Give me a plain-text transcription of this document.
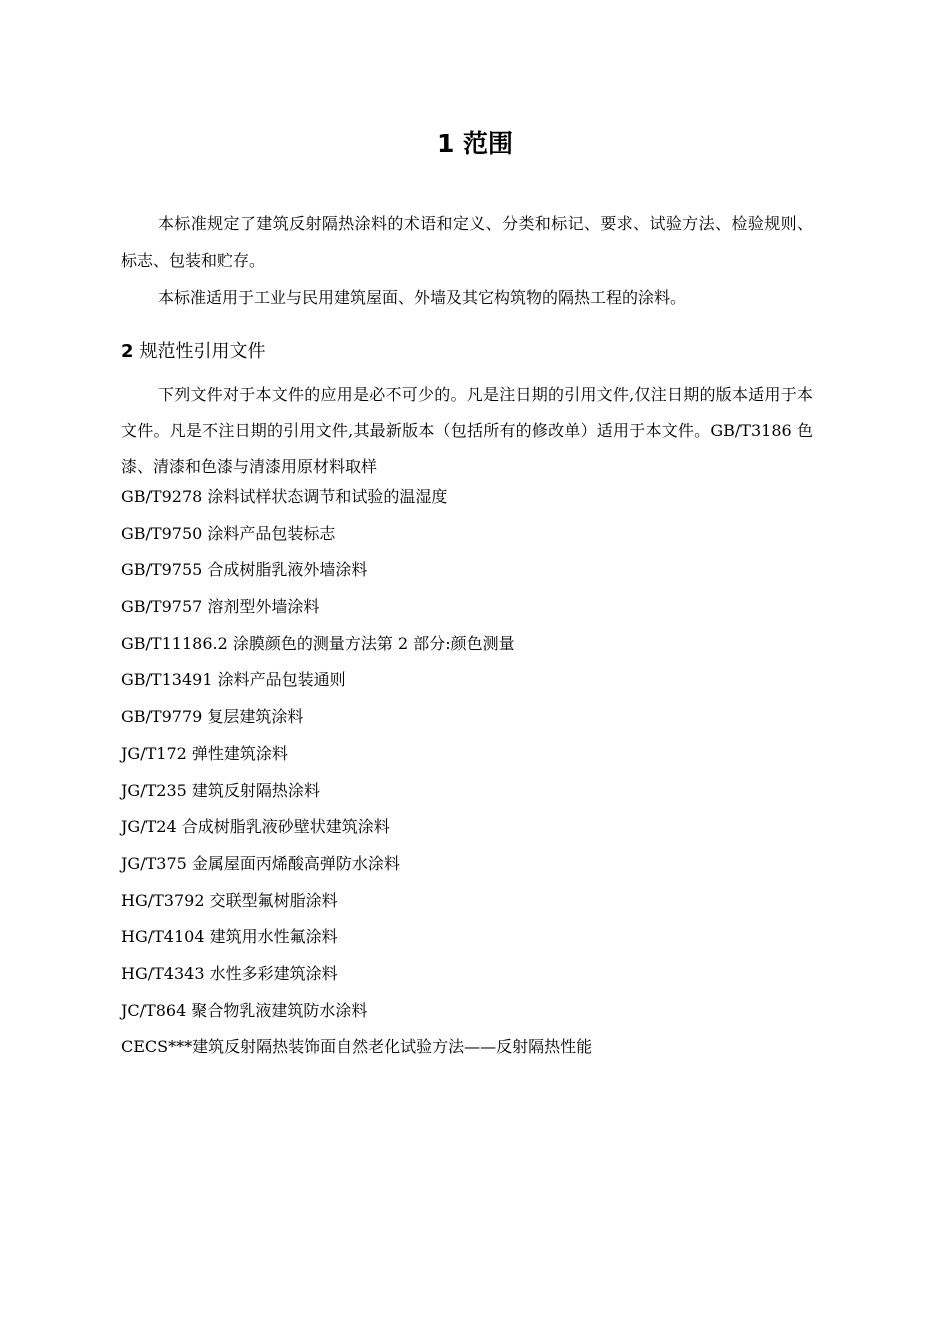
1 范围

本标准规定了建筑反射隔热涂料的术语和定义、分类和标记、要求、试验方法、检验规则、标志、包装和贮存。

本标准适用于工业与民用建筑屋面、外墙及其它构筑物的隔热工程的涂料。

2 规范性引用文件

下列文件对于本文件的应用是必不可少的。凡是注日期的引用文件,仅注日期的版本适用于本文件。凡是不注日期的引用文件,其最新版本（包括所有的修改单）适用于本文件。GB/T3186 色漆、清漆和色漆与清漆用原材料取样

GB/T9278 涂料试样状态调节和试验的温湿度
GB/T9750 涂料产品包装标志
GB/T9755 合成树脂乳液外墙涂料
GB/T9757 溶剂型外墙涂料
GB/T11186.2 涂膜颜色的测量方法第 2 部分:颜色测量
GB/T13491 涂料产品包装通则
GB/T9779 复层建筑涂料
JG/T172 弹性建筑涂料
JG/T235 建筑反射隔热涂料
JG/T24 合成树脂乳液砂壁状建筑涂料
JG/T375 金属屋面丙烯酸高弹防水涂料
HG/T3792 交联型氟树脂涂料
HG/T4104 建筑用水性氟涂料
HG/T4343 水性多彩建筑涂料
JC/T864 聚合物乳液建筑防水涂料
CECS***建筑反射隔热装饰面自然老化试验方法——反射隔热性能
